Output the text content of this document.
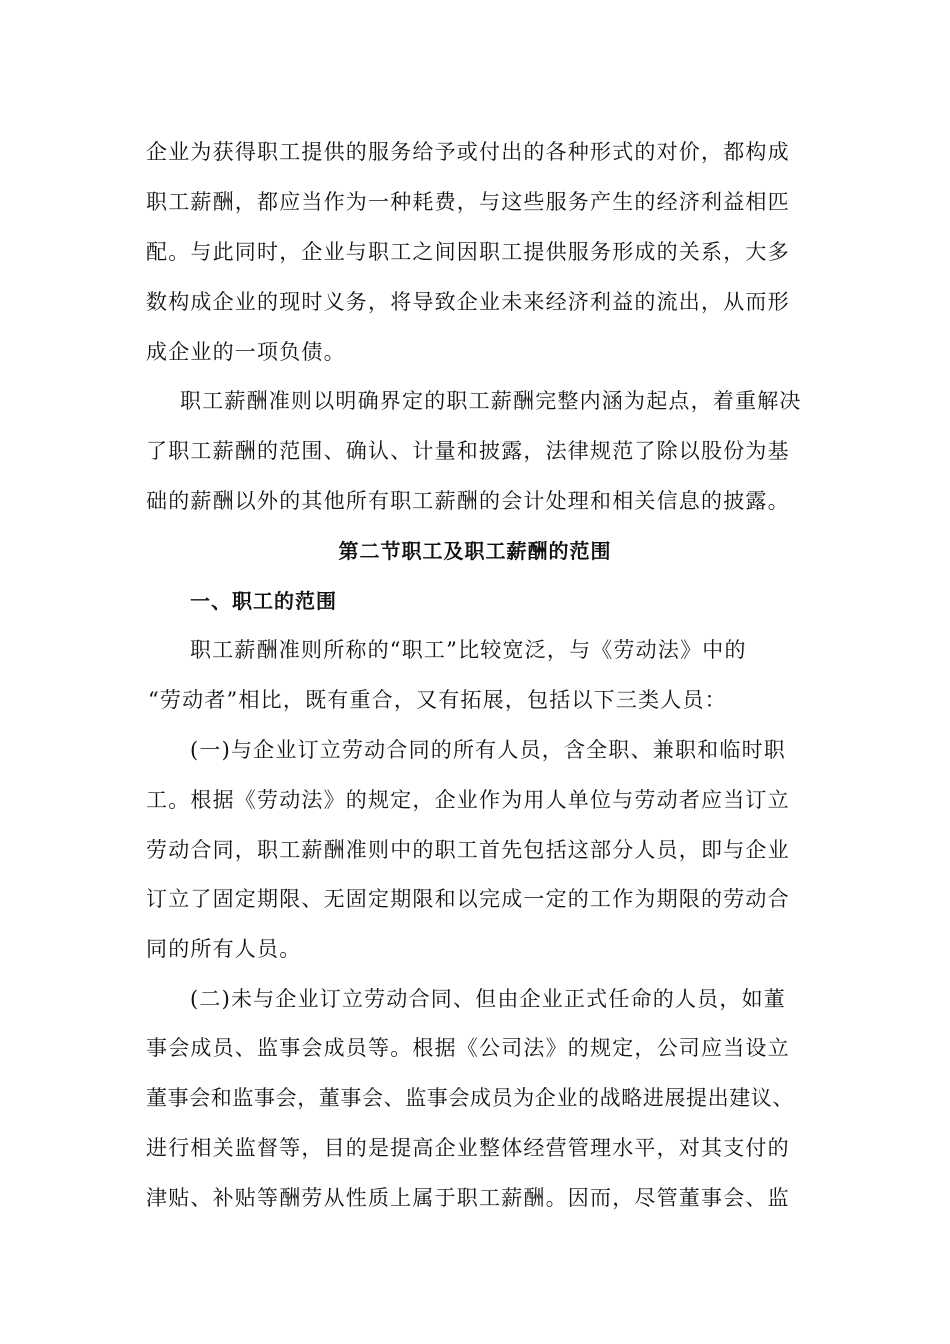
企业为获得职工提供的服务给予或付出的各种形式的对价，都构成
职工薪酬，都应当作为一种耗费，与这些服务产生的经济利益相匹
配。与此同时，企业与职工之间因职工提供服务形成的关系，大多
数构成企业的现时义务，将导致企业未来经济利益的流出，从而形
成企业的一项负债。
职工薪酬准则以明确界定的职工薪酬完整内涵为起点，着重解决
了职工薪酬的范围、确认、计量和披露，法律规范了除以股份为基
础的薪酬以外的其他所有职工薪酬的会计处理和相关信息的披露。
第二节职工及职工薪酬的范围
一、职工的范围
职工薪酬准则所称的“职工”比较宽泛，与《劳动法》中的
“劳动者”相比，既有重合，又有拓展，包括以下三类人员：
(一)与企业订立劳动合同的所有人员，含全职、兼职和临时职
工。根据《劳动法》的规定，企业作为用人单位与劳动者应当订立
劳动合同，职工薪酬准则中的职工首先包括这部分人员，即与企业
订立了固定期限、无固定期限和以完成一定的工作为期限的劳动合
同的所有人员。
(二)未与企业订立劳动合同、但由企业正式任命的人员，如董
事会成员、监事会成员等。根据《公司法》的规定，公司应当设立
董事会和监事会，董事会、监事会成员为企业的战略进展提出建议、
进行相关监督等，目的是提高企业整体经营管理水平，对其支付的
津贴、补贴等酬劳从性质上属于职工薪酬。因而，尽管董事会、监
